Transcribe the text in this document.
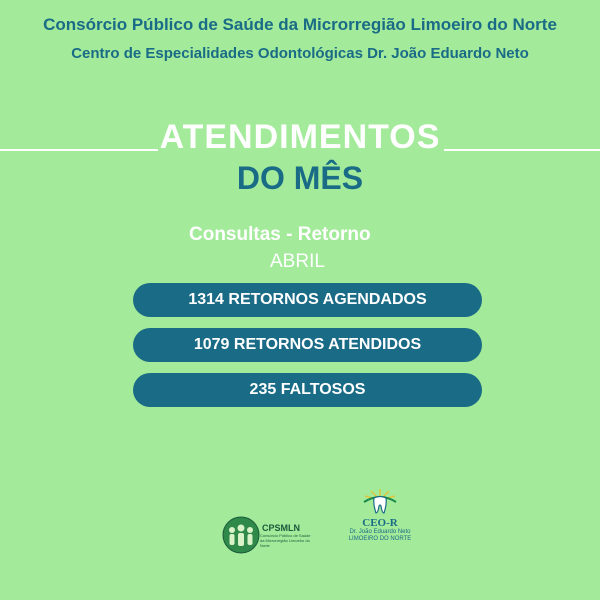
Consórcio Público de Saúde da Microrregião Limoeiro do Norte
Centro de Especialidades Odontológicas Dr. João Eduardo Neto
ATENDIMENTOS
DO MÊS
Consultas - Retorno
ABRIL
1314 RETORNOS AGENDADOS
1079 RETORNOS ATENDIDOS
235 FALTOSOS
CPSMLN
Consórcio Público de Saúde da Microrregião Limoeiro do Norte
CEO-R
Dr. João Eduardo Neto
LIMOEIRO DO NORTE
